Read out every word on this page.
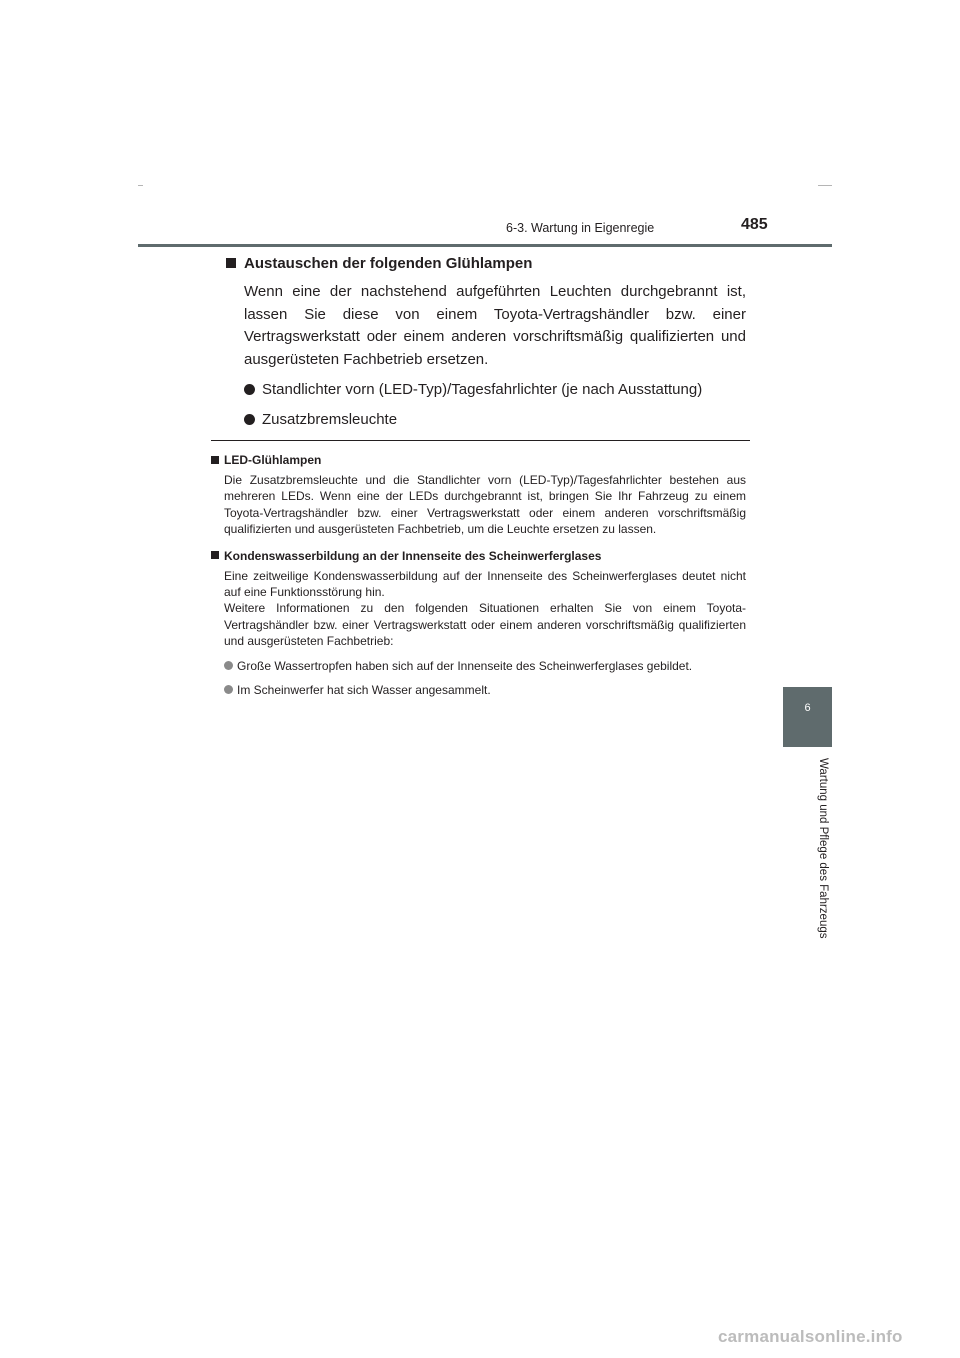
6-3. Wartung in Eigenregie	485
6
Wartung und Pflege des Fahrzeugs

Austauschen der folgenden Glühlampen

Wenn eine der nachstehend aufgeführten Leuchten durchgebrannt ist, lassen Sie diese von einem Toyota-Vertragshändler bzw. einer Vertragswerkstatt oder einem anderen vorschriftsmäßig qualifizierten und ausgerüsteten Fachbetrieb ersetzen.
Standlichter vorn (LED-Typ)/Tagesfahrlichter (je nach Ausstattung)
Zusatzbremsleuchte

LED-Glühlampen

Die Zusatzbremsleuchte und die Standlichter vorn (LED-Typ)/Tagesfahrlichter bestehen aus mehreren LEDs. Wenn eine der LEDs durchgebrannt ist, bringen Sie Ihr Fahrzeug zu einem Toyota-Vertragshändler bzw. einer Vertragswerkstatt oder einem anderen vorschriftsmäßig qualifizierten und ausgerüsteten Fachbetrieb, um die Leuchte ersetzen zu lassen.

Kondenswasserbildung an der Innenseite des Scheinwerferglases

Eine zeitweilige Kondenswasserbildung auf der Innenseite des Scheinwerferglases deutet nicht auf eine Funktionsstörung hin.
Weitere Informationen zu den folgenden Situationen erhalten Sie von einem Toyota-Vertragshändler bzw. einer Vertragswerkstatt oder einem anderen vorschriftsmäßig qualifizierten und ausgerüsteten Fachbetrieb:
Große Wassertropfen haben sich auf der Innenseite des Scheinwerferglases gebildet.
Im Scheinwerfer hat sich Wasser angesammelt.
carmanualsonline.info
